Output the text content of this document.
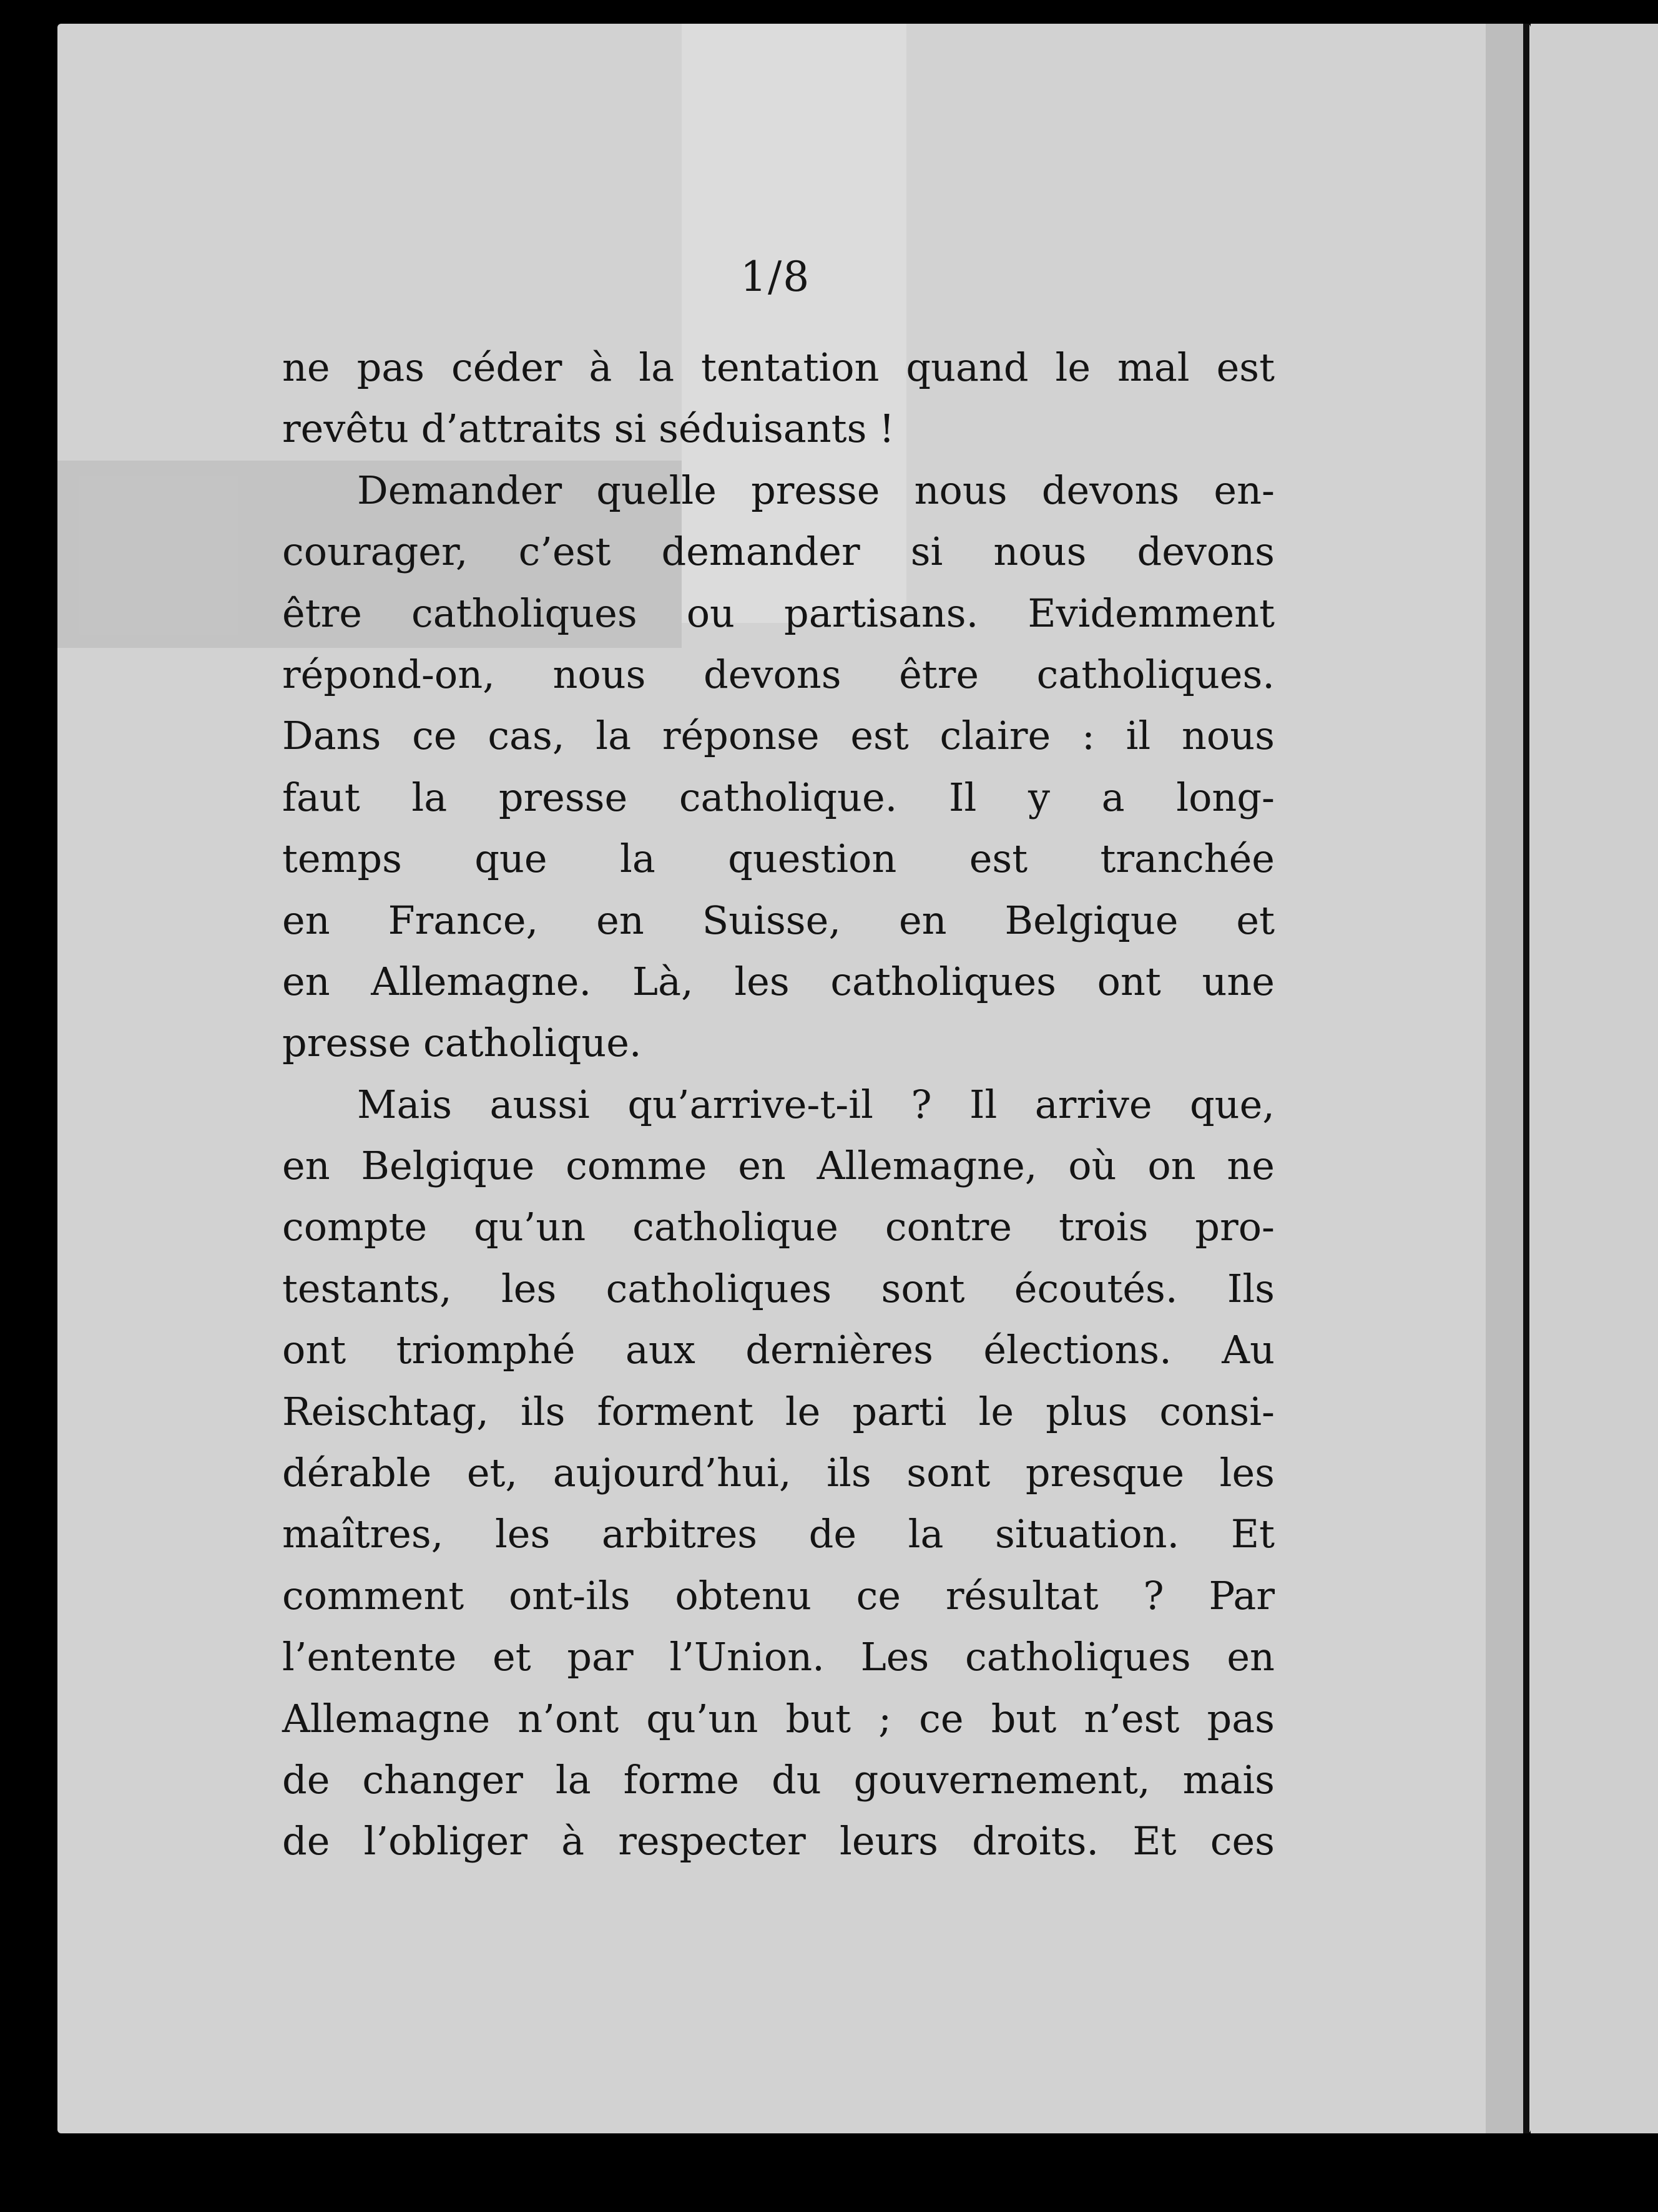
1/8
ne pas céder à la tentation quand le mal est
revêtu d’attraits si séduisants !
Demander quelle presse nous devons en-
courager, c’est demander si nous devons
être catholiques ou partisans. Evidemment
répond-on, nous devons être catholiques.
Dans ce cas, la réponse est claire : il nous
faut la presse catholique. Il y a long-
temps que la question est tranchée
en France, en Suisse, en Belgique et
en Allemagne. Là, les catholiques ont une
presse catholique.
Mais aussi qu’arrive-t-il ? Il arrive que,
en Belgique comme en Allemagne, où on ne
compte qu’un catholique contre trois pro-
testants, les catholiques sont écoutés. Ils
ont triomphé aux dernières élections. Au
Reischtag, ils forment le parti le plus consi-
dérable et, aujourd’hui, ils sont presque les
maîtres, les arbitres de la situation. Et
comment ont-ils obtenu ce résultat ? Par
l’entente et par l’Union. Les catholiques en
Allemagne n’ont qu’un but ; ce but n’est pas
de changer la forme du gouvernement, mais
de l’obliger à respecter leurs droits. Et ces
